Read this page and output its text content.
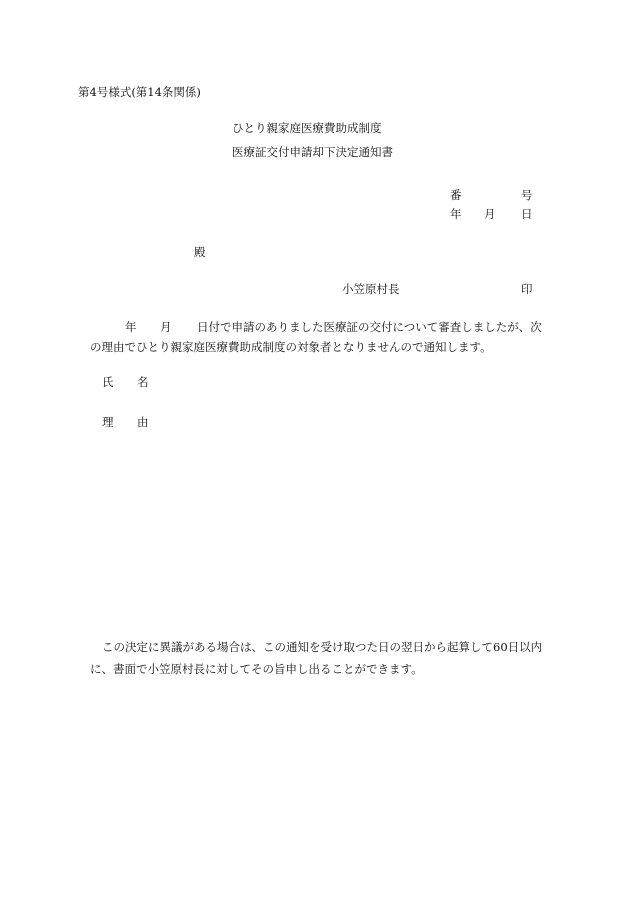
第4号様式(第14条関係)
ひとり親家庭医療費助成制度
医療証交付申請却下決定通知書
番	号
年 月 日
殿
小笠原村長	印
年 月 日付で申請のありました医療証の交付について審査しましたが、次
の理由でひとり親家庭医療費助成制度の対象者となりませんので通知します。
氏 名
理 由
この決定に異議がある場合は、この通知を受け取つた日の翌日から起算して60日以内
に、書面で小笠原村長に対してその旨申し出ることができます。
